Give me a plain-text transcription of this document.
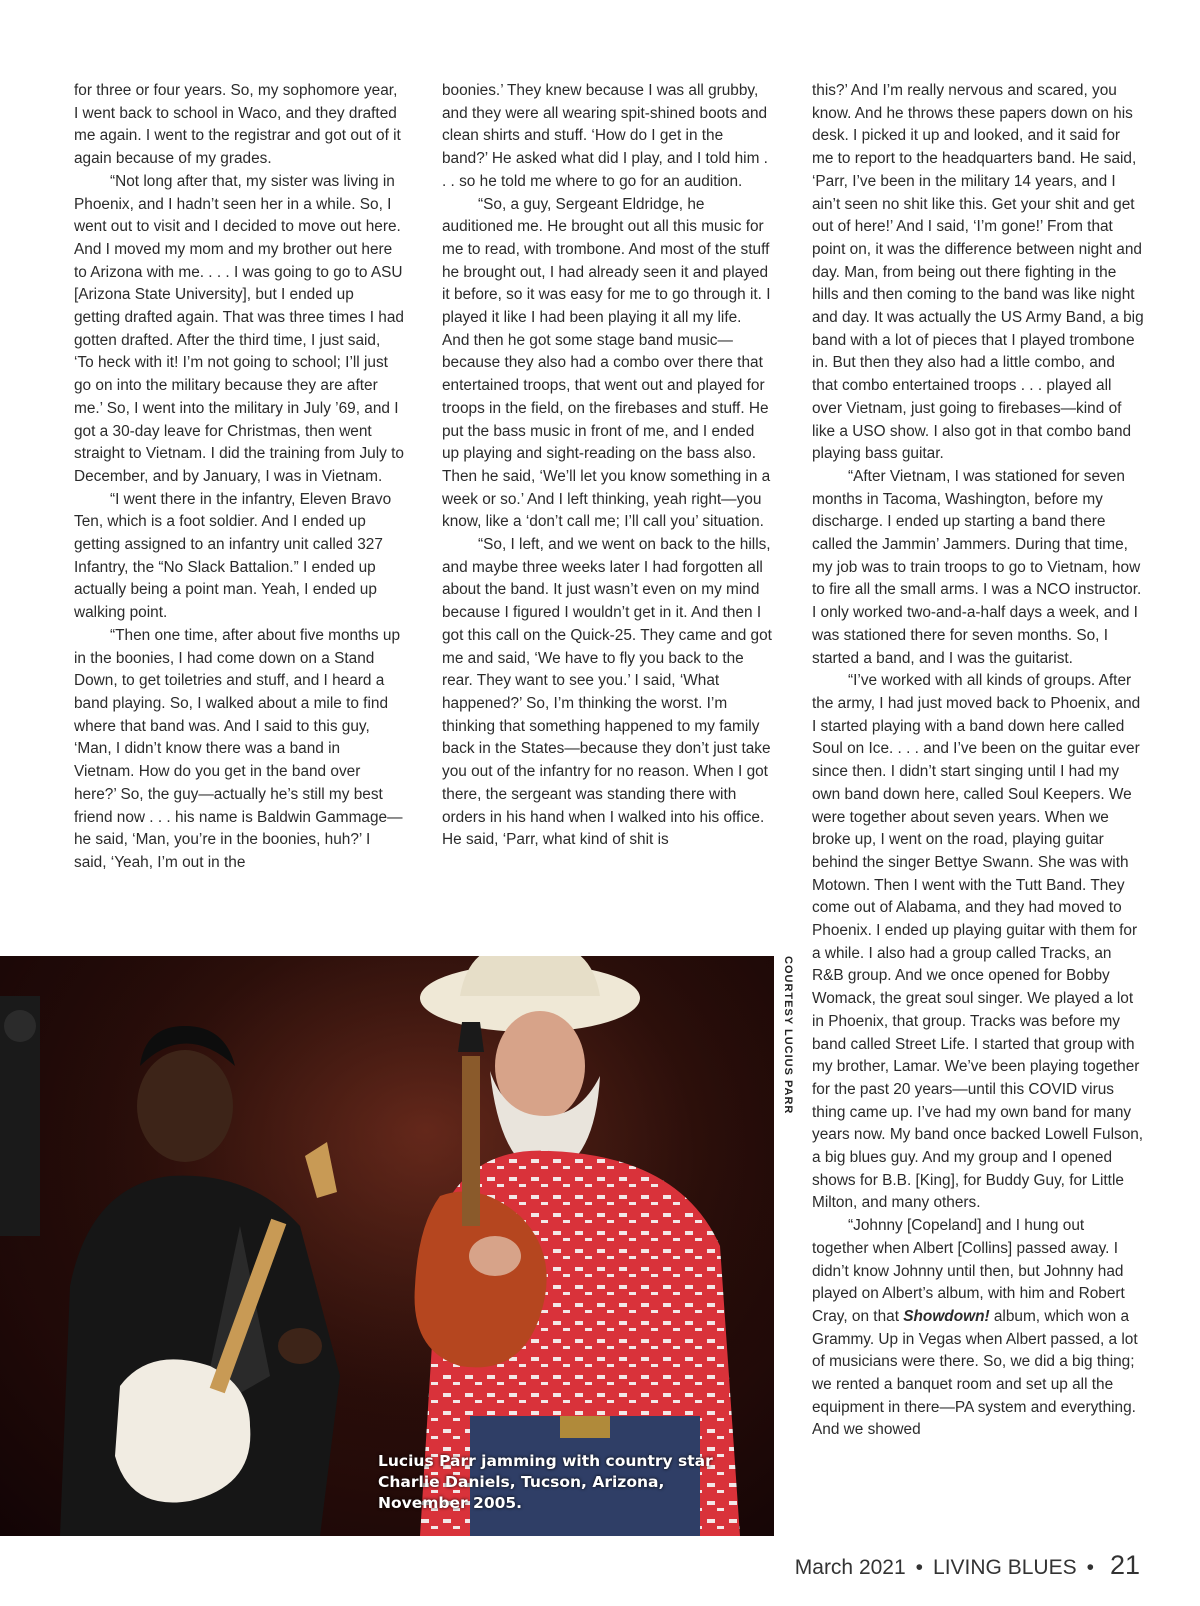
for three or four years. So, my sophomore year, I went back to school in Waco, and they drafted me again. I went to the registrar and got out of it again because of my grades.

“Not long after that, my sister was living in Phoenix, and I hadn’t seen her in a while. So, I went out to visit and I decided to move out here. And I moved my mom and my brother out here to Arizona with me. . . . I was going to go to ASU [Arizona State University], but I ended up getting drafted again. That was three times I had gotten drafted. After the third time, I just said, ‘To heck with it! I’m not going to school; I’ll just go on into the military because they are after me.’ So, I went into the military in July ’69, and I got a 30-day leave for Christmas, then went straight to Vietnam. I did the training from July to December, and by January, I was in Vietnam.

“I went there in the infantry, Eleven Bravo Ten, which is a foot soldier. And I ended up getting assigned to an infantry unit called 327 Infantry, the “No Slack Battalion.” I ended up actually being a point man. Yeah, I ended up walking point.

“Then one time, after about five months up in the boonies, I had come down on a Stand Down, to get toiletries and stuff, and I heard a band playing. So, I walked about a mile to find where that band was. And I said to this guy, ‘Man, I didn’t know there was a band in Vietnam. How do you get in the band over here?’ So, the guy—actually he’s still my best friend now . . . his name is Baldwin Gammage—he said, ‘Man, you’re in the boonies, huh?’ I said, ‘Yeah, I’m out in the

boonies.’ They knew because I was all grubby, and they were all wearing spit-shined boots and clean shirts and stuff. ‘How do I get in the band?’ He asked what did I play, and I told him . . . so he told me where to go for an audition.

“So, a guy, Sergeant Eldridge, he auditioned me. He brought out all this music for me to read, with trombone. And most of the stuff he brought out, I had already seen it and played it before, so it was easy for me to go through it. I played it like I had been playing it all my life. And then he got some stage band music—because they also had a combo over there that entertained troops, that went out and played for troops in the field, on the firebases and stuff. He put the bass music in front of me, and I ended up playing and sight-reading on the bass also. Then he said, ‘We’ll let you know something in a week or so.’ And I left thinking, yeah right—you know, like a ‘don’t call me; I’ll call you’ situation.

“So, I left, and we went on back to the hills, and maybe three weeks later I had forgotten all about the band. It just wasn’t even on my mind because I figured I wouldn’t get in it. And then I got this call on the Quick-25. They came and got me and said, ‘We have to fly you back to the rear. They want to see you.’ I said, ‘What happened?’ So, I’m thinking the worst. I’m thinking that something happened to my family back in the States—because they don’t just take you out of the infantry for no reason. When I got there, the sergeant was standing there with orders in his hand when I walked into his office. He said, ‘Parr, what kind of shit is

this?’ And I’m really nervous and scared, you know. And he throws these papers down on his desk. I picked it up and looked, and it said for me to report to the headquarters band. He said, ‘Parr, I’ve been in the military 14 years, and I ain’t seen no shit like this. Get your shit and get out of here!’ And I said, ‘I’m gone!’ From that point on, it was the difference between night and day. Man, from being out there fighting in the hills and then coming to the band was like night and day. It was actually the US Army Band, a big band with a lot of pieces that I played trombone in. But then they also had a little combo, and that combo entertained troops . . . played all over Vietnam, just going to firebases—kind of like a USO show. I also got in that combo band playing bass guitar.

“After Vietnam, I was stationed for seven months in Tacoma, Washington, before my discharge. I ended up starting a band there called the Jammin’ Jammers. During that time, my job was to train troops to go to Vietnam, how to fire all the small arms. I was a NCO instructor. I only worked two-and-a-half days a week, and I was stationed there for seven months. So, I started a band, and I was the guitarist.

“I’ve worked with all kinds of groups. After the army, I had just moved back to Phoenix, and I started playing with a band down here called Soul on Ice. . . . and I’ve been on the guitar ever since then. I didn’t start singing until I had my own band down here, called Soul Keepers. We were together about seven years. When we broke up, I went on the road, playing guitar behind the singer Bettye Swann. She was with Motown. Then I went with the Tutt Band. They come out of Alabama, and they had moved to Phoenix. I ended up playing guitar with them for a while. I also had a group called Tracks, an R&B group. And we once opened for Bobby Womack, the great soul singer. We played a lot in Phoenix, that group. Tracks was before my band called Street Life. I started that group with my brother, Lamar. We’ve been playing together for the past 20 years—until this COVID virus thing came up. I’ve had my own band for many years now. My band once backed Lowell Fulson, a big blues guy. And my group and I opened shows for B.B. [King], for Buddy Guy, for Little Milton, and many others.

“Johnny [Copeland] and I hung out together when Albert [Collins] passed away. I didn’t know Johnny until then, but Johnny had played on Albert’s album, with him and Robert Cray, on that Showdown! album, which won a Grammy. Up in Vegas when Albert passed, a lot of musicians were there. So, we did a big thing; we rented a banquet room and set up all the equipment in there—PA system and everything. And we showed

Lucius Parr jamming with country star Charlie Daniels, Tucson, Arizona, November 2005.
COURTESY LUCIUS PARR
March 2021 • LIVING BLUES • 21
